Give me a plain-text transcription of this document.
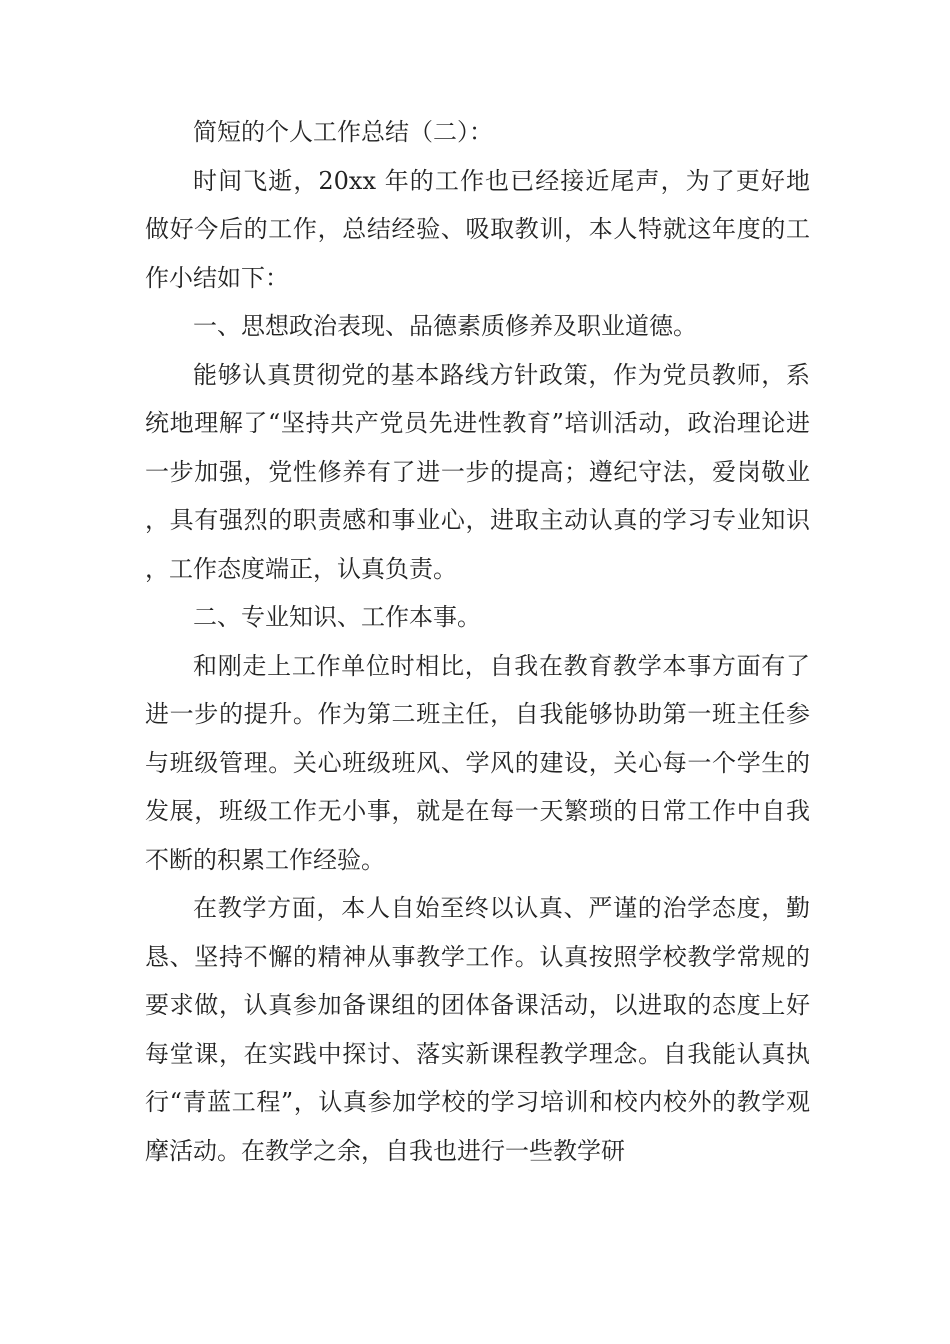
简短的个人工作总结（二）：

时间飞逝，20xx 年的工作也已经接近尾声，为了更好地做好今后的工作，总结经验、吸取教训，本人特就这年度的工作小结如下：

一、思想政治表现、品德素质修养及职业道德。

能够认真贯彻党的基本路线方针政策，作为党员教师，系统地理解了“坚持共产党员先进性教育”培训活动，政治理论进一步加强，党性修养有了进一步的提高；遵纪守法，爱岗敬业，具有强烈的职责感和事业心，进取主动认真的学习专业知识，工作态度端正，认真负责。

二、专业知识、工作本事。

和刚走上工作单位时相比，自我在教育教学本事方面有了进一步的提升。作为第二班主任，自我能够协助第一班主任参与班级管理。关心班级班风、学风的建设，关心每一个学生的发展，班级工作无小事，就是在每一天繁琐的日常工作中自我不断的积累工作经验。

在教学方面，本人自始至终以认真、严谨的治学态度，勤恳、坚持不懈的精神从事教学工作。认真按照学校教学常规的要求做，认真参加备课组的团体备课活动，以进取的态度上好每堂课，在实践中探讨、落实新课程教学理念。自我能认真执行“青蓝工程”，认真参加学校的学习培训和校内校外的教学观摩活动。在教学之余，自我也进行一些教学研
